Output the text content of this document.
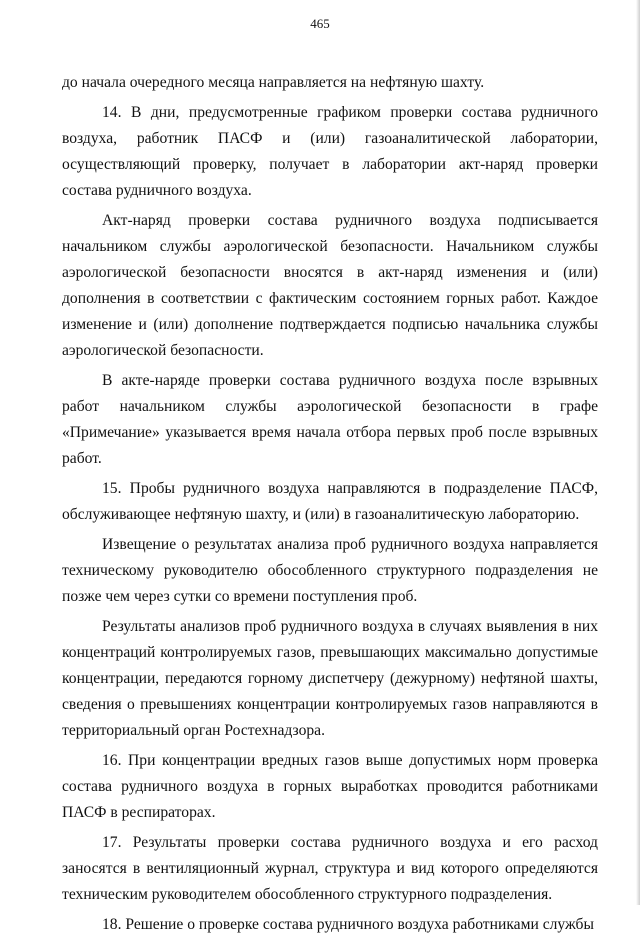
465

до начала очередного месяца направляется на нефтяную шахту.

14. В дни, предусмотренные графиком проверки состава рудничного воздуха, работник ПАСФ и (или) газоаналитической лаборатории, осуществляющий проверку, получает в лаборатории акт-наряд проверки состава рудничного воздуха.

Акт-наряд проверки состава рудничного воздуха подписывается начальником службы аэрологической безопасности. Начальником службы аэрологической безопасности вносятся в акт-наряд изменения и (или) дополнения в соответствии с фактическим состоянием горных работ. Каждое изменение и (или) дополнение подтверждается подписью начальника службы аэрологической безопасности.

В акте-наряде проверки состава рудничного воздуха после взрывных работ начальником службы аэрологической безопасности в графе «Примечание» указывается время начала отбора первых проб после взрывных работ.

15. Пробы рудничного воздуха направляются в подразделение ПАСФ, обслуживающее нефтяную шахту, и (или) в газоаналитическую лабораторию.

Извещение о результатах анализа проб рудничного воздуха направляется техническому руководителю обособленного структурного подразделения не позже чем через сутки со времени поступления проб.

Результаты анализов проб рудничного воздуха в случаях выявления в них концентраций контролируемых газов, превышающих максимально допустимые концентрации, передаются горному диспетчеру (дежурному) нефтяной шахты, сведения о превышениях концентрации контролируемых газов направляются в территориальный орган Ростехнадзора.

16. При концентрации вредных газов выше допустимых норм проверка состава рудничного воздуха в горных выработках проводится работниками ПАСФ в респираторах.

17. Результаты проверки состава рудничного воздуха и его расход заносятся в вентиляционный журнал, структура и вид которого определяются техническим руководителем обособленного структурного подразделения.

18. Решение о проверке состава рудничного воздуха работниками службы
